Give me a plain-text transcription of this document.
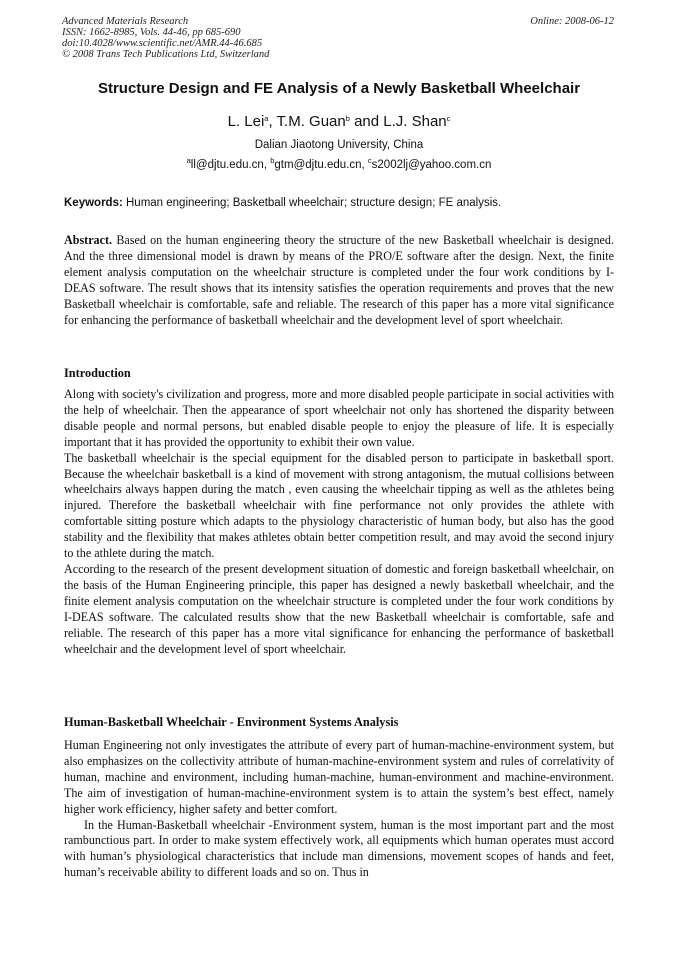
Advanced Materials Research
ISSN: 1662-8985, Vols. 44-46, pp 685-690
doi:10.4028/www.scientific.net/AMR.44-46.685
© 2008 Trans Tech Publications Ltd, Switzerland
Online: 2008-06-12
Structure Design and FE Analysis of a Newly Basketball Wheelchair
L. Lei$^a$, T.M. Guan$^b$ and L.J. Shan$^c$
Dalian Jiaotong University, China
$^a$ll@djtu.edu.cn, $^b$gtm@djtu.edu.cn, $^c$s2002lj@yahoo.com.cn
Keywords: Human engineering; Basketball wheelchair; structure design; FE analysis.

Abstract. Based on the human engineering theory the structure of the new Basketball wheelchair is designed. And the three dimensional model is drawn by means of the PRO/E software after the design. Next, the finite element analysis computation on the wheelchair structure is completed under the four work conditions by I-DEAS software. The result shows that its intensity satisfies the operation requirements and proves that the new Basketball wheelchair is comfortable, safe and reliable. The research of this paper has a more vital significance for enhancing the performance of basketball wheelchair and the development level of sport wheelchair.

Introduction

Along with society's civilization and progress, more and more disabled people participate in social activities with the help of wheelchair. Then the appearance of sport wheelchair not only has shortened the disparity between disable people and normal persons, but enabled disable people to enjoy the pleasure of life. It is especially important that it has provided the opportunity to exhibit their own value.

The basketball wheelchair is the special equipment for the disabled person to participate in basketball sport. Because the wheelchair basketball is a kind of movement with strong antagonism, the mutual collisions between wheelchairs always happen during the match , even causing the wheelchair tipping as well as the athletes being injured. Therefore the basketball wheelchair with fine performance not only provides the athlete with comfortable sitting posture which adapts to the physiology characteristic of human body, but also has the good stability and the flexibility that makes athletes obtain better competition result, and may avoid the second injury to the athlete during the match.

According to the research of the present development situation of domestic and foreign basketball wheelchair, on the basis of the Human Engineering principle, this paper has designed a newly basketball wheelchair, and the finite element analysis computation on the wheelchair structure is completed under the four work conditions by I-DEAS software. The calculated results show that the new Basketball wheelchair is comfortable, safe and reliable. The research of this paper has a more vital significance for enhancing the performance of basketball wheelchair and the development level of sport wheelchair.

Human-Basketball Wheelchair - Environment Systems Analysis

Human Engineering not only investigates the attribute of every part of human-machine-environment system, but also emphasizes on the collectivity attribute of human-machine-environment system and rules of correlativity of human, machine and environment, including human-machine, human-environment and machine-environment. The aim of investigation of human-machine-environment system is to attain the system’s best effect, namely higher work efficiency, higher safety and better comfort.

In the Human-Basketball wheelchair -Environment system, human is the most important part and the most rambunctious part. In order to make system effectively work, all equipments which human operates must accord with human’s physiological characteristics that include man dimensions, movement scopes of hands and feet, human’s receivable ability to different loads and so on. Thus in
